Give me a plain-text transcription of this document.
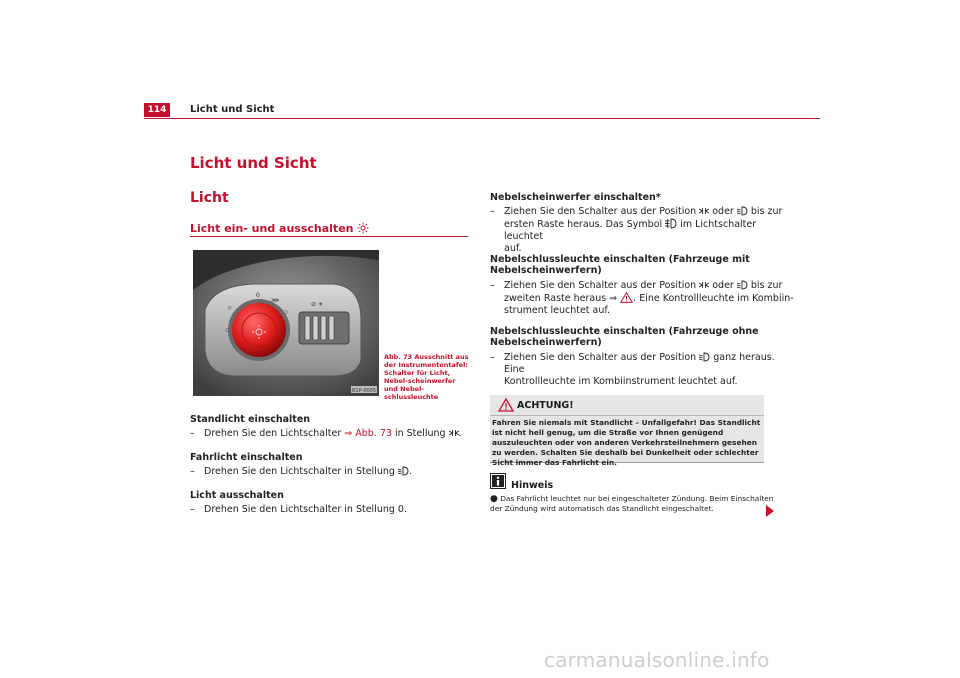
114	Licht und Sicht
Licht und Sicht
Licht
Licht ein- und ausschalten
0
⋙
⊃
☼
⊂
⊘ ☀
B1P-0005
Abb. 73 Ausschnitt aus der Instrumententafel: Schalter für Licht, Nebel-scheinwerfer und Nebel-schlussleuchte
Standlicht einschalten
– Drehen Sie den Lichtschalter ⇒ Abb. 73 in Stellung .
Fahrlicht einschalten
– Drehen Sie den Lichtschalter in Stellung .
Licht ausschalten
– Drehen Sie den Lichtschalter in Stellung 0.
Nebelscheinwerfer einschalten*
– Ziehen Sie den Schalter aus der Position  oder  bis zur
ersten Raste heraus. Das Symbol  im Lichtschalter leuchtet
auf.
Nebelschlussleuchte einschalten (Fahrzeuge mit
Nebelscheinwerfern)
– Ziehen Sie den Schalter aus der Position  oder  bis zur
zweiten Raste heraus ⇒ . Eine Kontrollleuchte im Kombiin-
strument leuchtet auf.
Nebelschlussleuchte einschalten (Fahrzeuge ohne
Nebelscheinwerfern)
– Ziehen Sie den Schalter aus der Position  ganz heraus. Eine
Kontrollleuchte im Kombiinstrument leuchtet auf.
ACHTUNG!
Fahren Sie niemals mit Standlicht – Unfallgefahr! Das Standlicht ist nicht hell genug, um die Straße vor Ihnen genügend auszuleuchten oder von anderen Verkehrsteilnehmern gesehen zu werden. Schalten Sie deshalb bei Dunkelheit oder schlechter Sicht immer das Fahrlicht ein.
Hinweis
● Das Fahrlicht leuchtet nur bei eingeschalteter Zündung. Beim Einschalten der Zündung wird automatisch das Standlicht eingeschaltet.
carmanualsonline.info
